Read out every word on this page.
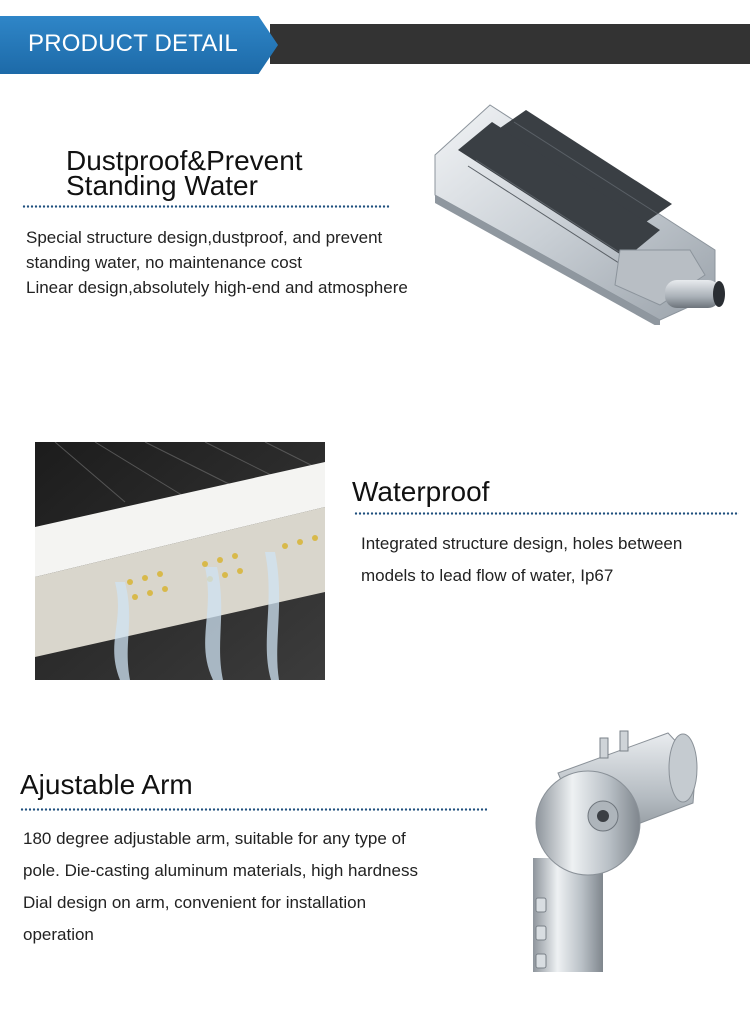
PRODUCT DETAIL
Dustproof&Prevent
Standing Water
Special structure design,dustproof, and prevent
standing water, no maintenance cost
Linear design,absolutely high-end and atmosphere
Waterproof
Integrated structure design, holes between
models to lead flow of water, Ip67
Ajustable Arm
180 degree adjustable arm, suitable for any type of
pole. Die-casting aluminum materials, high hardness
Dial design on arm, convenient for installation
operation
